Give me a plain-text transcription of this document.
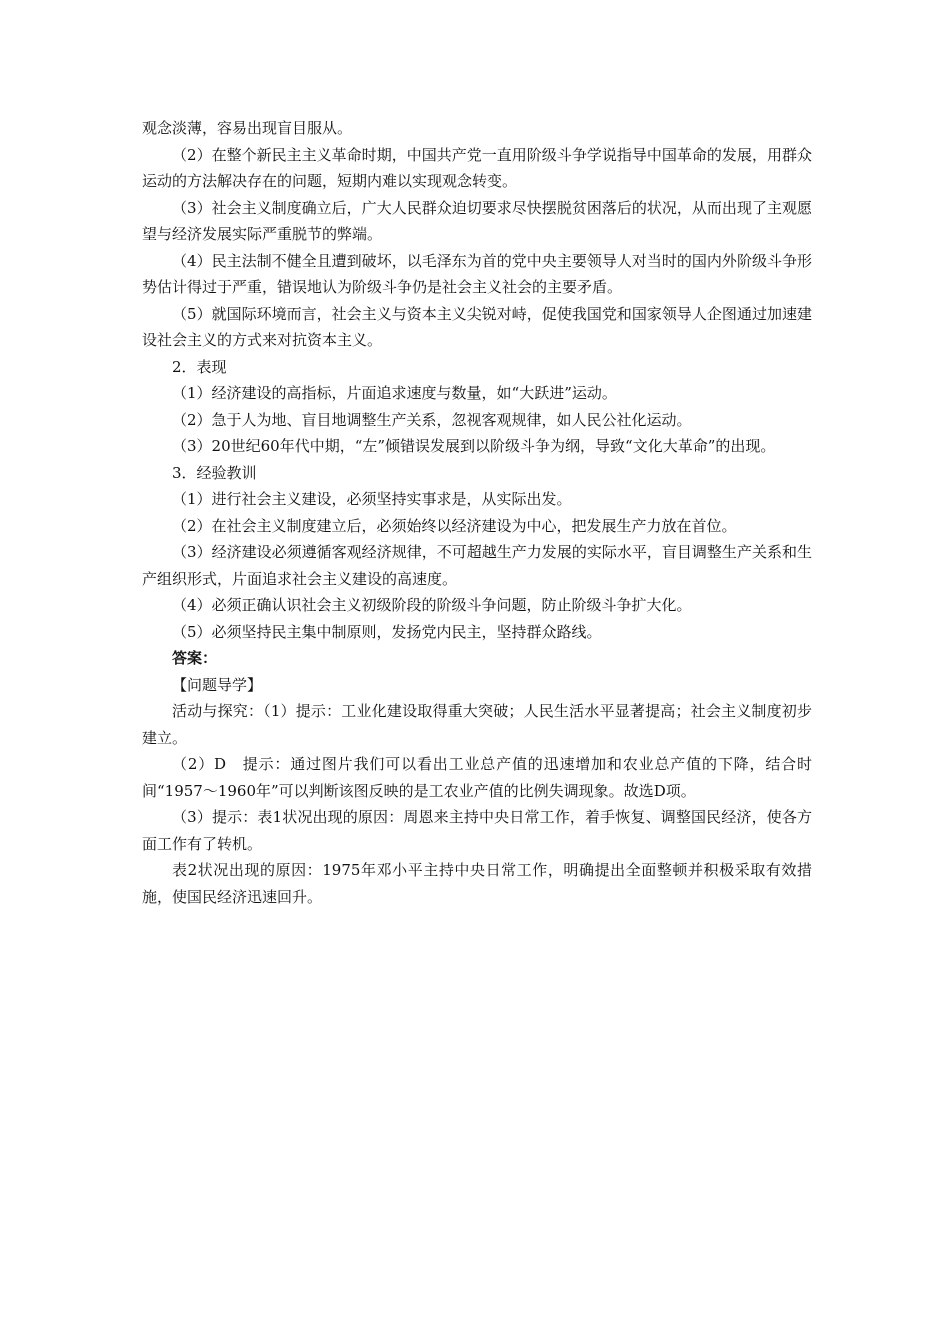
观念淡薄，容易出现盲目服从。

（2）在整个新民主主义革命时期，中国共产党一直用阶级斗争学说指导中国革命的发展，用群众运动的方法解决存在的问题，短期内难以实现观念转变。

（3）社会主义制度确立后，广大人民群众迫切要求尽快摆脱贫困落后的状况，从而出现了主观愿望与经济发展实际严重脱节的弊端。

（4）民主法制不健全且遭到破坏，以毛泽东为首的党中央主要领导人对当时的国内外阶级斗争形势估计得过于严重，错误地认为阶级斗争仍是社会主义社会的主要矛盾。

（5）就国际环境而言，社会主义与资本主义尖锐对峙，促使我国党和国家领导人企图通过加速建设社会主义的方式来对抗资本主义。

2．表现

（1）经济建设的高指标，片面追求速度与数量，如“大跃进”运动。

（2）急于人为地、盲目地调整生产关系，忽视客观规律，如人民公社化运动。

（3）20世纪60年代中期，“左”倾错误发展到以阶级斗争为纲，导致“文化大革命”的出现。

3．经验教训

（1）进行社会主义建设，必须坚持实事求是，从实际出发。

（2）在社会主义制度建立后，必须始终以经济建设为中心，把发展生产力放在首位。

（3）经济建设必须遵循客观经济规律，不可超越生产力发展的实际水平，盲目调整生产关系和生产组织形式，片面追求社会主义建设的高速度。

（4）必须正确认识社会主义初级阶段的阶级斗争问题，防止阶级斗争扩大化。

（5）必须坚持民主集中制原则，发扬党内民主，坚持群众路线。

答案：

【问题导学】

活动与探究：（1）提示：工业化建设取得重大突破；人民生活水平显著提高；社会主义制度初步建立。

（2）D　提示：通过图片我们可以看出工业总产值的迅速增加和农业总产值的下降，结合时间“1957～1960年”可以判断该图反映的是工农业产值的比例失调现象。故选D项。

（3）提示：表1状况出现的原因：周恩来主持中央日常工作，着手恢复、调整国民经济，使各方面工作有了转机。

表2状况出现的原因：1975年邓小平主持中央日常工作，明确提出全面整顿并积极采取有效措施，使国民经济迅速回升。
